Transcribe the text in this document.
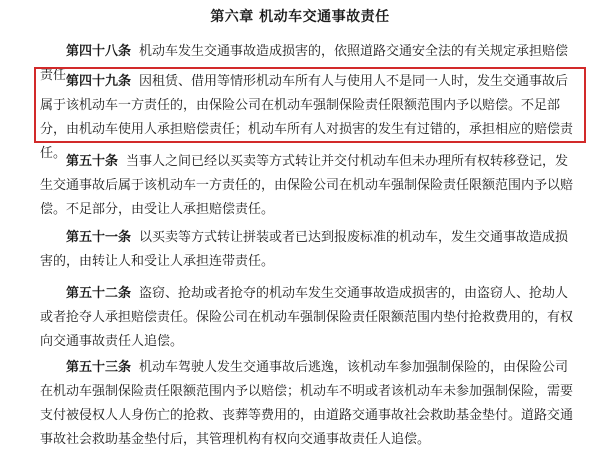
第六章 机动车交通事故责任
第四十八条 机动车发生交通事故造成损害的，依照道路交通安全法的有关规定承担赔偿责任。
第四十九条 因租赁、借用等情形机动车所有人与使用人不是同一人时，发生交通事故后属于该机动车一方责任的，由保险公司在机动车强制保险责任限额范围内予以赔偿。不足部分，由机动车使用人承担赔偿责任；机动车所有人对损害的发生有过错的，承担相应的赔偿责任。
第五十条 当事人之间已经以买卖等方式转让并交付机动车但未办理所有权转移登记，发生交通事故后属于该机动车一方责任的，由保险公司在机动车强制保险责任限额范围内予以赔偿。不足部分，由受让人承担赔偿责任。
第五十一条 以买卖等方式转让拼装或者已达到报废标准的机动车，发生交通事故造成损害的，由转让人和受让人承担连带责任。
第五十二条 盗窃、抢劫或者抢夺的机动车发生交通事故造成损害的，由盗窃人、抢劫人或者抢夺人承担赔偿责任。保险公司在机动车强制保险责任限额范围内垫付抢救费用的，有权向交通事故责任人追偿。
第五十三条 机动车驾驶人发生交通事故后逃逸，该机动车参加强制保险的，由保险公司在机动车强制保险责任限额范围内予以赔偿；机动车不明或者该机动车未参加强制保险，需要支付被侵权人人身伤亡的抢救、丧葬等费用的，由道路交通事故社会救助基金垫付。道路交通事故社会救助基金垫付后，其管理机构有权向交通事故责任人追偿。
